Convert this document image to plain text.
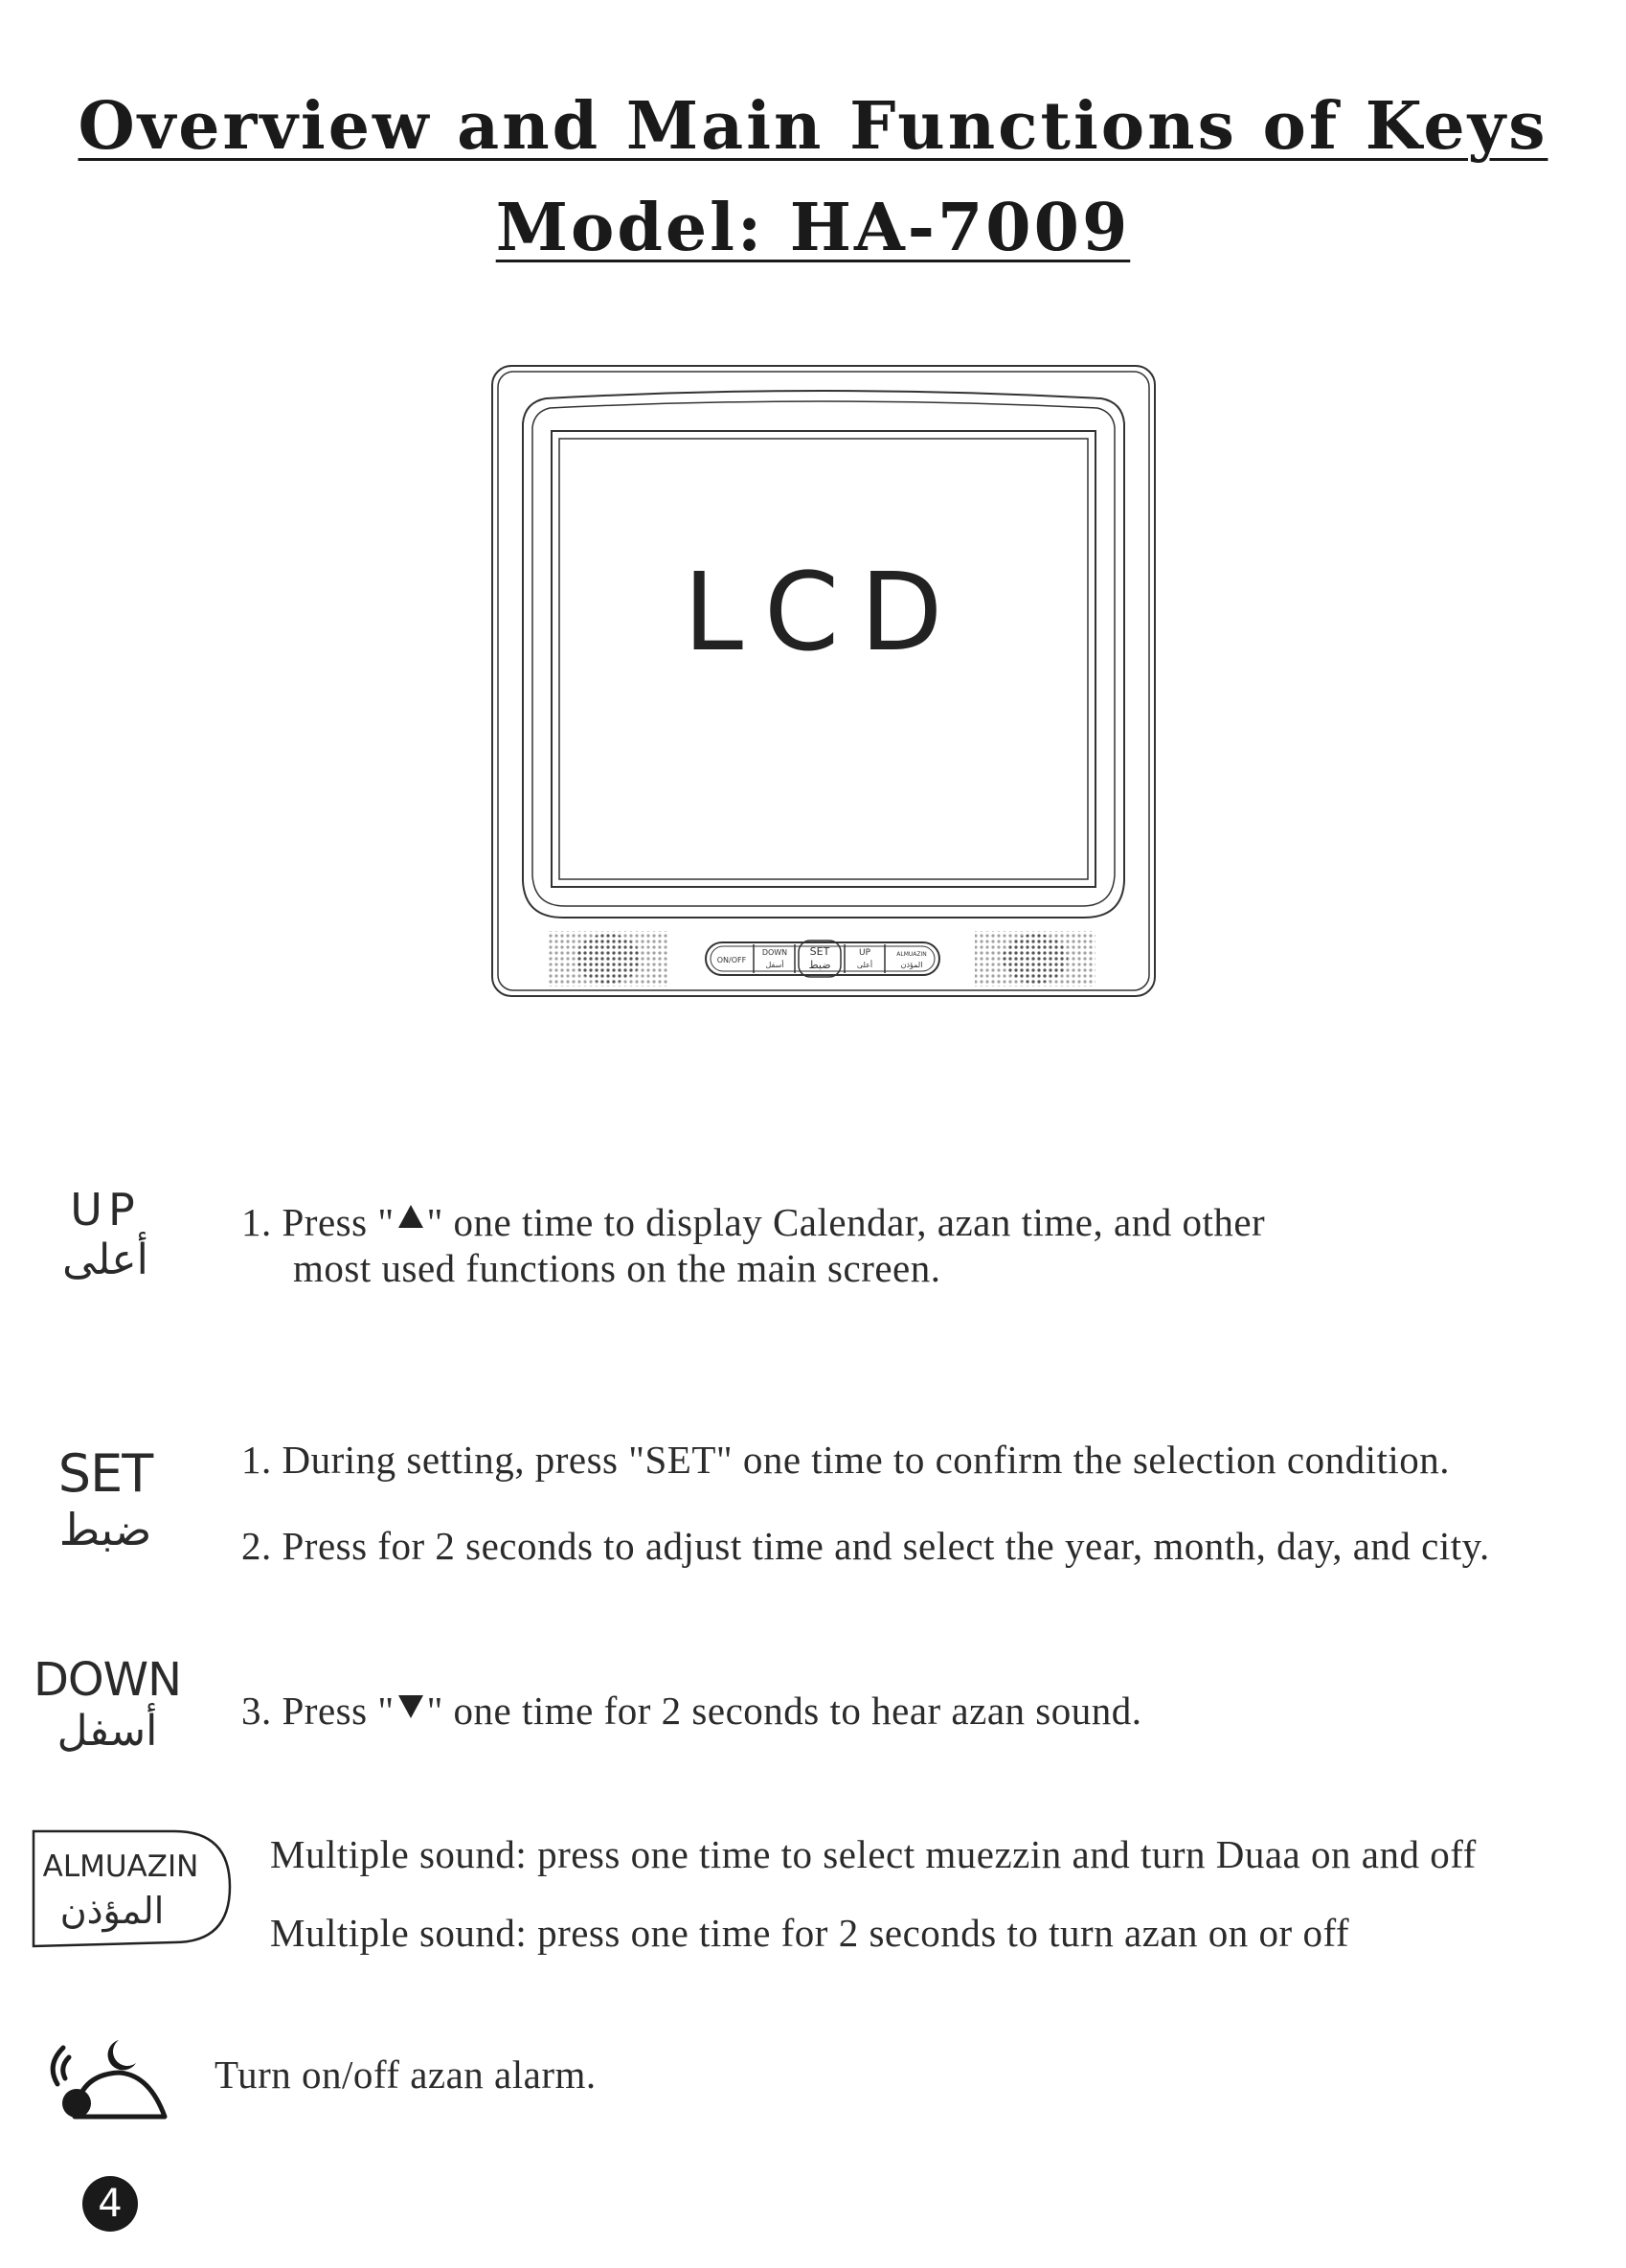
Overview and Main Functions of Keys
Model: HA-7009
ON/OFF
DOWN
أسفل
SET
ضبط
UP
أعلى
ALMUAZIN
المؤذن
LCD
UP
أعلى
1. Press " " one time to display Calendar, azan time, and other
most used functions on the main screen.
SET
ضبط
1. During setting, press "SET" one time to confirm the selection condition.
2. Press for 2 seconds to adjust time and select the year, month, day, and city.
DOWN
أسفل	3. Press " " one time for 2 seconds to hear azan sound.
ALMUAZIN
المؤذن
Multiple sound: press one time to select muezzin and turn Duaa on and off
Multiple sound: press one time for 2 seconds to turn azan on or off
Turn on/off azan alarm.
4
